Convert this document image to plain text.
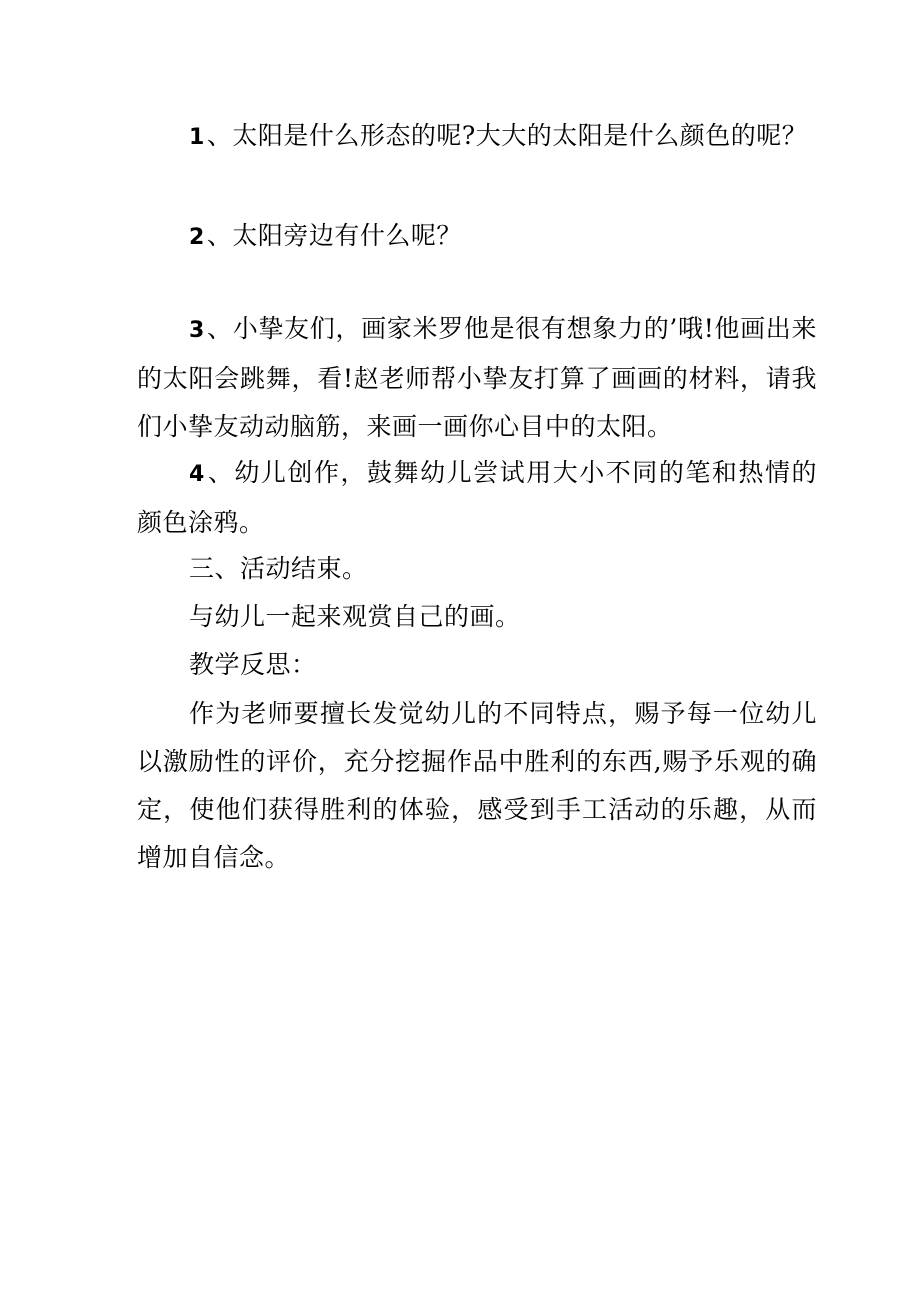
1、太阳是什么形态的呢?大大的太阳是什么颜色的呢？

2、太阳旁边有什么呢？

3、小挚友们，画家米罗他是很有想象力的’哦!他画出来的太阳会跳舞，看!赵老师帮小挚友打算了画画的材料，请我们小挚友动动脑筋，来画一画你心目中的太阳。

4、幼儿创作，鼓舞幼儿尝试用大小不同的笔和热情的颜色涂鸦。

三、活动结束。

与幼儿一起来观赏自己的画。

教学反思：

作为老师要擅长发觉幼儿的不同特点，赐予每一位幼儿以激励性的评价，充分挖掘作品中胜利的东西,赐予乐观的确定，使他们获得胜利的体验，感受到手工活动的乐趣，从而增加自信念。
